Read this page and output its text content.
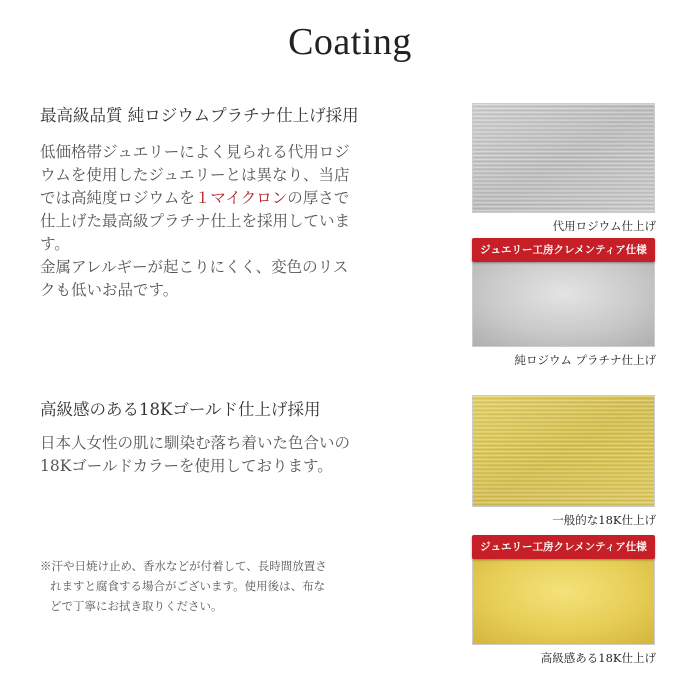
Coating
最高級品質 純ロジウムプラチナ仕上げ採用

低価格帯ジュエリーによく見られる代用ロジ

ウムを使用したジュエリーとは異なり、当店

では高純度ロジウムを１マイクロンの厚さで

仕上げた最高級プラチナ仕上を採用していま

す。

金属アレルギーが起こりにくく、変色のリス

クも低いお品です。

高級感のある18Kゴールド仕上げ採用

日本人女性の肌に馴染む落ち着いた色合いの

18Kゴールドカラーを使用しております。

※汗や日焼け止め、香水などが付着して、長時間放置さ
れますと腐食する場合がございます。使用後は、布な
どで丁寧にお拭き取りください。
代用ロジウム仕上げ
ジュエリー工房クレメンティア仕様
純ロジウム プラチナ仕上げ
一般的な18K仕上げ
ジュエリー工房クレメンティア仕様
高級感ある18K仕上げ
